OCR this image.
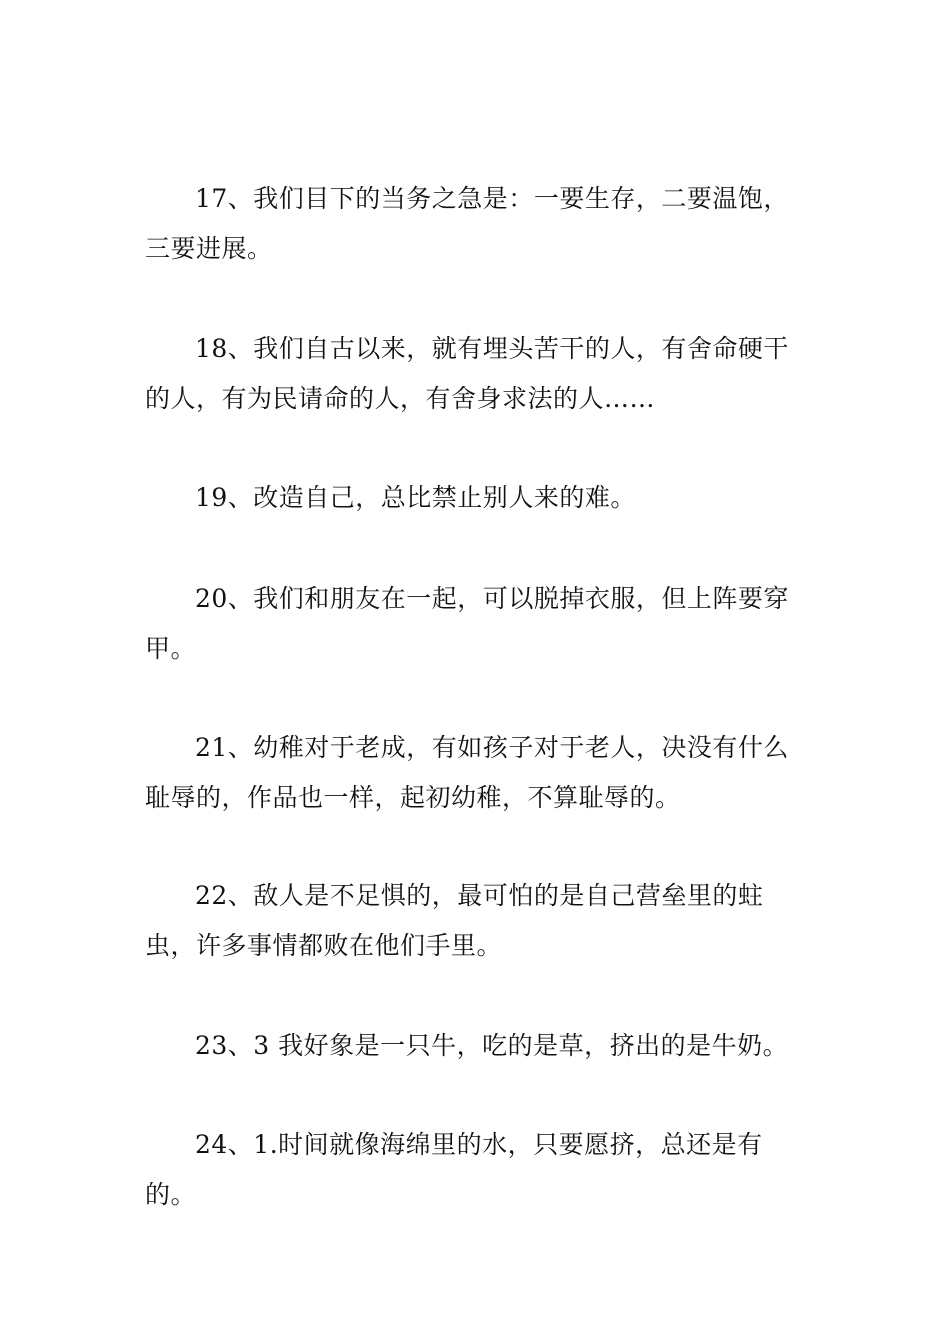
17、我们目下的当务之急是：一要生存，二要温饱，三要进展。

18、我们自古以来，就有埋头苦干的人，有舍命硬干的人，有为民请命的人，有舍身求法的人……

19、改造自己，总比禁止别人来的难。

20、我们和朋友在一起，可以脱掉衣服，但上阵要穿甲。

21、幼稚对于老成，有如孩子对于老人，决没有什么耻辱的，作品也一样，起初幼稚，不算耻辱的。

22、敌人是不足惧的，最可怕的是自己营垒里的蛀虫，许多事情都败在他们手里。

23、3 我好象是一只牛，吃的是草，挤出的是牛奶。

24、1.时间就像海绵里的水，只要愿挤，总还是有的。
